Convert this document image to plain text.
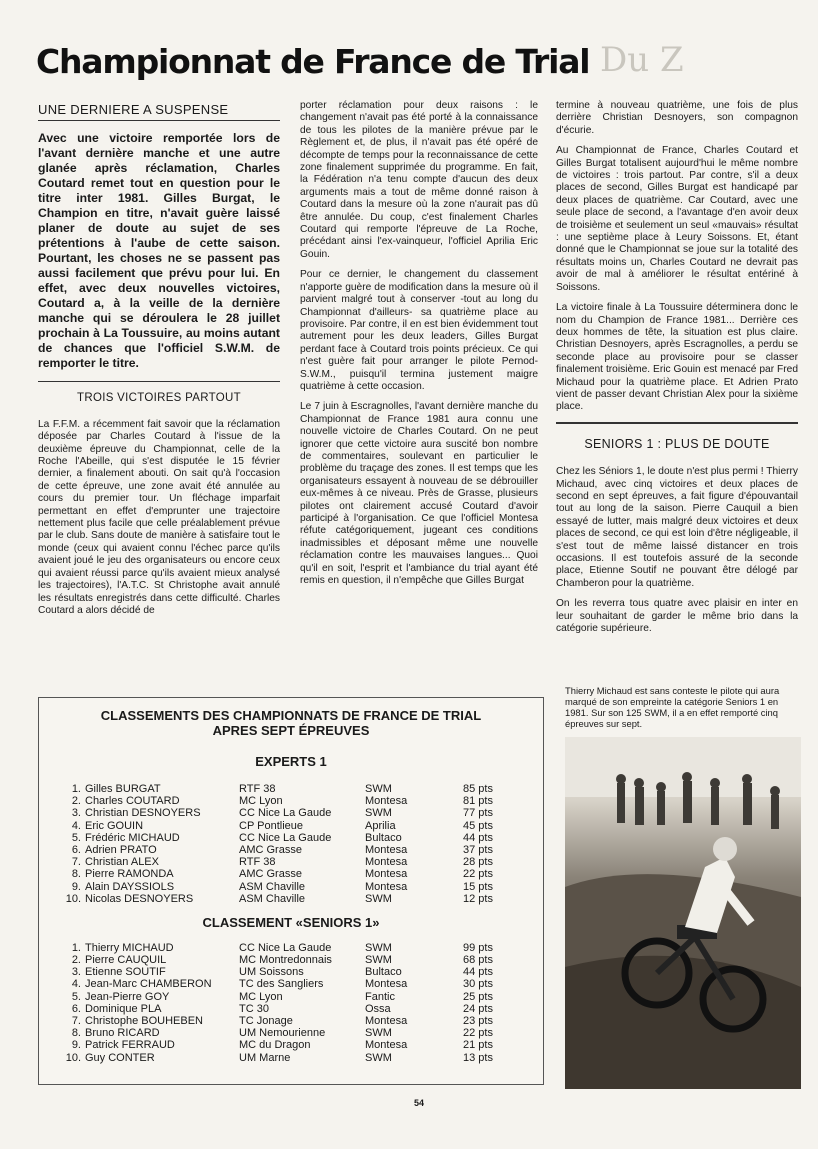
Du Z
Championnat de France de Trial
UNE DERNIERE A SUSPENSE

Avec une victoire remportée lors de l'avant dernière manche et une autre glanée après réclamation, Charles Coutard remet tout en question pour le titre inter 1981. Gilles Burgat, le Champion en titre, n'avait guère laissé planer de doute au sujet de ses prétentions à l'aube de cette saison. Pourtant, les choses ne se passent pas aussi facilement que prévu pour lui. En effet, avec deux nouvelles victoires, Coutard a, à la veille de la dernière manche qui se déroulera le 28 juillet prochain à La Toussuire, au moins autant de chances que l'officiel S.W.M. de remporter le titre.

TROIS VICTOIRES PARTOUT

La F.F.M. a récemment fait savoir que la réclamation déposée par Charles Coutard à l'issue de la deuxième épreuve du Championnat, celle de la Roche l'Abeille, qui s'est disputée le 15 février dernier, a finalement abouti. On sait qu'à l'occasion de cette épreuve, une zone avait été annulée au cours du premier tour. Un fléchage imparfait permettant en effet d'emprunter une trajectoire nettement plus facile que celle préalablement prévue par le club. Sans doute de manière à satisfaire tout le monde (ceux qui avaient connu l'échec parce qu'ils avaient joué le jeu des organisateurs ou encore ceux qui avaient réussi parce qu'ils avaient mieux analysé les trajectoires), l'A.T.C. St Christophe avait annulé les résultats enregistrés dans cette difficulté. Charles Coutard a alors décidé de

porter réclamation pour deux raisons : le changement n'avait pas été porté à la connaissance de tous les pilotes de la manière prévue par le Règlement et, de plus, il n'avait pas été opéré de décompte de temps pour la reconnaissance de cette zone finalement supprimée du programme. En fait, la Fédération n'a tenu compte d'aucun des deux arguments mais a tout de même donné raison à Coutard dans la mesure où la zone n'aurait pas dû être annulée. Du coup, c'est finalement Charles Coutard qui remporte l'épreuve de La Roche, précédant ainsi l'ex-vainqueur, l'officiel Aprilia Eric Gouin.

Pour ce dernier, le changement du classement n'apporte guère de modification dans la mesure où il parvient malgré tout à conserver -tout au long du Championnat d'ailleurs- sa quatrième place au provisoire. Par contre, il en est bien évidemment tout autrement pour les deux leaders, Gilles Burgat perdant face à Coutard trois points précieux. Ce qui n'est guère fait pour arranger le pilote Pernod-S.W.M., puisqu'il termina justement maigre quatrième à cette occasion.

Le 7 juin à Escragnolles, l'avant dernière manche du Championnat de France 1981 aura connu une nouvelle victoire de Charles Coutard. On ne peut ignorer que cette victoire aura suscité bon nombre de commentaires, soulevant en particulier le problème du traçage des zones. Il est temps que les organisateurs essayent à nouveau de se débrouiller eux-mêmes à ce niveau. Près de Grasse, plusieurs pilotes ont clairement accusé Coutard d'avoir participé à l'organisation. Ce que l'officiel Montesa réfute catégoriquement, jugeant ces conditions inadmissibles et déposant même une nouvelle réclamation contre les mauvaises langues... Quoi qu'il en soit, l'esprit et l'ambiance du trial ayant été remis en question, il n'empêche que Gilles Burgat

termine à nouveau quatrième, une fois de plus derrière Christian Desnoyers, son compagnon d'écurie.

Au Championnat de France, Charles Coutard et Gilles Burgat totalisent aujourd'hui le même nombre de victoires : trois partout. Par contre, s'il a deux places de second, Gilles Burgat est handicapé par deux places de quatrième. Car Coutard, avec une seule place de second, a l'avantage d'en avoir deux de troisième et seulement un seul «mauvais» résultat : une septième place à Leury Soissons. Et, étant donné que le Championnat se joue sur la totalité des résultats moins un, Charles Coutard ne devrait pas avoir de mal à améliorer le résultat entériné à Soissons.

La victoire finale à La Toussuire déterminera donc le nom du Champion de France 1981... Derrière ces deux hommes de tête, la situation est plus claire. Christian Desnoyers, après Escragnolles, a perdu se seconde place au provisoire pour se classer finalement troisième. Eric Gouin est menacé par Fred Michaud pour la quatrième place. Et Adrien Prato vient de passer devant Christian Alex pour la sixième place.

SENIORS 1 : PLUS DE DOUTE

Chez les Séniors 1, le doute n'est plus permi ! Thierry Michaud, avec cinq victoires et deux places de second en sept épreuves, a fait figure d'épouvantail tout au long de la saison. Pierre Cauquil a bien essayé de lutter, mais malgré deux victoires et deux places de second, ce qui est loin d'être négligeable, il s'est tout de même laissé distancer en trois occasions. Il est toutefois assuré de la seconde place, Etienne Soutif ne pouvant être délogé par Chamberon pour la quatrième.

On les reverra tous quatre avec plaisir en inter en leur souhaitant de garder le même brio dans la catégorie supérieure.

CLASSEMENTS DES CHAMPIONNATS DE FRANCE DE TRIAL
APRES SEPT ÉPREUVES
EXPERTS 1
1. Gilles BURGAT	RTF 38	SWM	85 pts
2. Charles COUTARD	MC Lyon	Montesa	81 pts
3. Christian DESNOYERS	CC Nice La Gaude	SWM	77 pts
4. Eric GOUIN	CP Pontlieue	Aprilia	45 pts
5. Frédéric MICHAUD	CC Nice La Gaude	Bultaco	44 pts
6. Adrien PRATO	AMC Grasse	Montesa	37 pts
7. Christian ALEX	RTF 38	Montesa	28 pts
8. Pierre RAMONDA	AMC Grasse	Montesa	22 pts
9. Alain DAYSSIOLS	ASM Chaville	Montesa	15 pts
10. Nicolas DESNOYERS	ASM Chaville	SWM	12 pts
CLASSEMENT «SENIORS 1»
1. Thierry MICHAUD	CC Nice La Gaude	SWM	99 pts
2. Pierre CAUQUIL	MC Montredonnais	SWM	68 pts
3. Etienne SOUTIF	UM Soissons	Bultaco	44 pts
4. Jean-Marc CHAMBERON	TC des Sangliers	Montesa	30 pts
5. Jean-Pierre GOY	MC Lyon	Fantic	25 pts
6. Dominique PLA	TC 30	Ossa	24 pts
7. Christophe BOUHEBEN	TC Jonage	Montesa	23 pts
8. Bruno RICARD	UM Nemourienne	SWM	22 pts
9. Patrick FERRAUD	MC du Dragon	Montesa	21 pts
10. Guy CONTER	UM Marne	SWM	13 pts
Thierry Michaud est sans conteste le pilote qui aura marqué de son empreinte la catégorie Seniors 1 en 1981. Sur son 125 SWM, il a en effet remporté cinq épreuves sur sept.
54
